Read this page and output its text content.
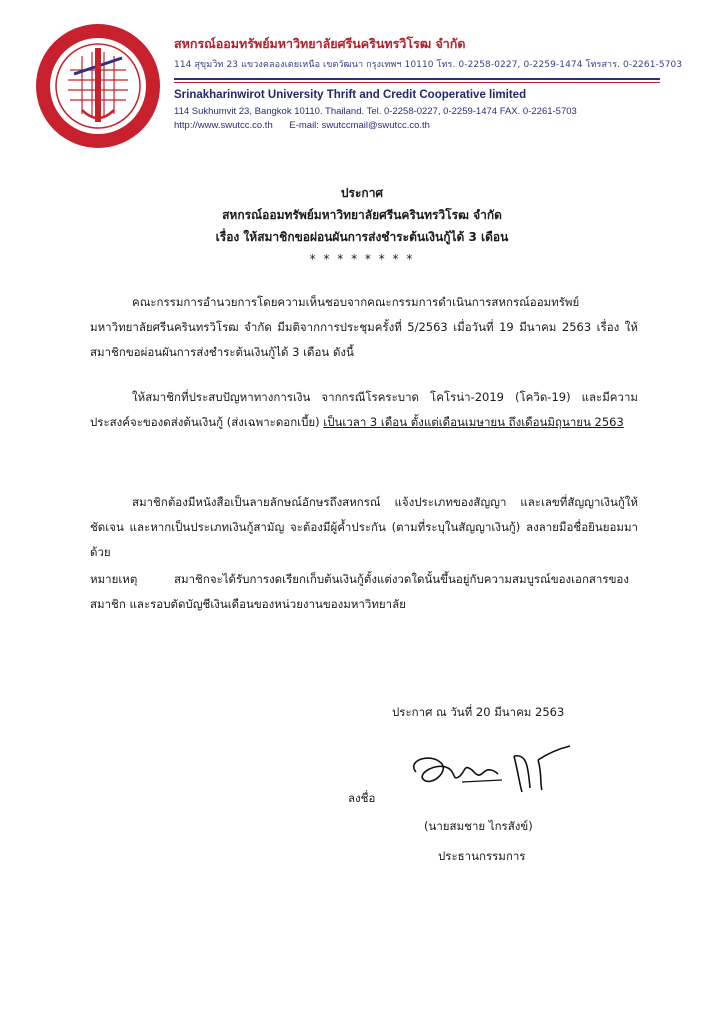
สหกรณ์ออมทรัพย์มหาวิทยาลัยศรีนครินทรวิโรฒ จำกัด
114 สุขุมวิท 23 แขวงคลองเตยเหนือ เขตวัฒนา กรุงเทพฯ 10110 โทร. 0-2258-0227, 0-2259-1474 โทรสาร. 0-2261-5703
Srinakharinwirot University Thrift and Credit Cooperative limited
114 Sukhumvit 23, Bangkok 10110. Thailand. Tel. 0-2258-0227, 0-2259-1474 FAX. 0-2261-5703
http://www.swutcc.co.th E-mail: swutccmail@swutcc.co.th
ประกาศ
สหกรณ์ออมทรัพย์มหาวิทยาลัยศรีนครินทรวิโรฒ จำกัด
เรื่อง ให้สมาชิกขอผ่อนผันการส่งชำระต้นเงินกู้ได้ 3 เดือน
* * * * * * * *
คณะกรรมการอำนวยการโดยความเห็นชอบจากคณะกรรมการดำเนินการสหกรณ์ออมทรัพย์มหาวิทยาลัยศรีนครินทรวิโรฒ จำกัด มีมติจากการประชุมครั้งที่ 5/2563 เมื่อวันที่ 19 มีนาคม 2563 เรื่อง ให้สมาชิกขอผ่อนผันการส่งชำระต้นเงินกู้ได้ 3 เดือน ดังนี้
ให้สมาชิกที่ประสบปัญหาทางการเงิน จากกรณีโรคระบาด โคโรน่า-2019 (โควิด-19) และมีความประสงค์จะของดส่งต้นเงินกู้ (ส่งเฉพาะดอกเบี้ย) เป็นเวลา 3 เดือน ตั้งแต่เดือนเมษายน ถึงเดือนมิถุนายน 2563
สมาชิกต้องมีหนังสือเป็นลายลักษณ์อักษรถึงสหกรณ์ แจ้งประเภทของสัญญา และเลขที่สัญญาเงินกู้ให้ชัดเจน และหากเป็นประเภทเงินกู้สามัญ จะต้องมีผู้ค้ำประกัน (ตามที่ระบุในสัญญาเงินกู้) ลงลายมือชื่อยินยอมมาด้วย
หมายเหตุ	สมาชิกจะได้รับการงดเรียกเก็บต้นเงินกู้ตั้งแต่งวดใดนั้นขึ้นอยู่กับความสมบูรณ์ของเอกสารของสมาชิก และรอบตัดบัญชีเงินเดือนของหน่วยงานของมหาวิทยาลัย
ประกาศ ณ วันที่ 20 มีนาคม 2563
ลงชื่อ
(นายสมชาย ไกรสังข์)
ประธานกรรมการ
